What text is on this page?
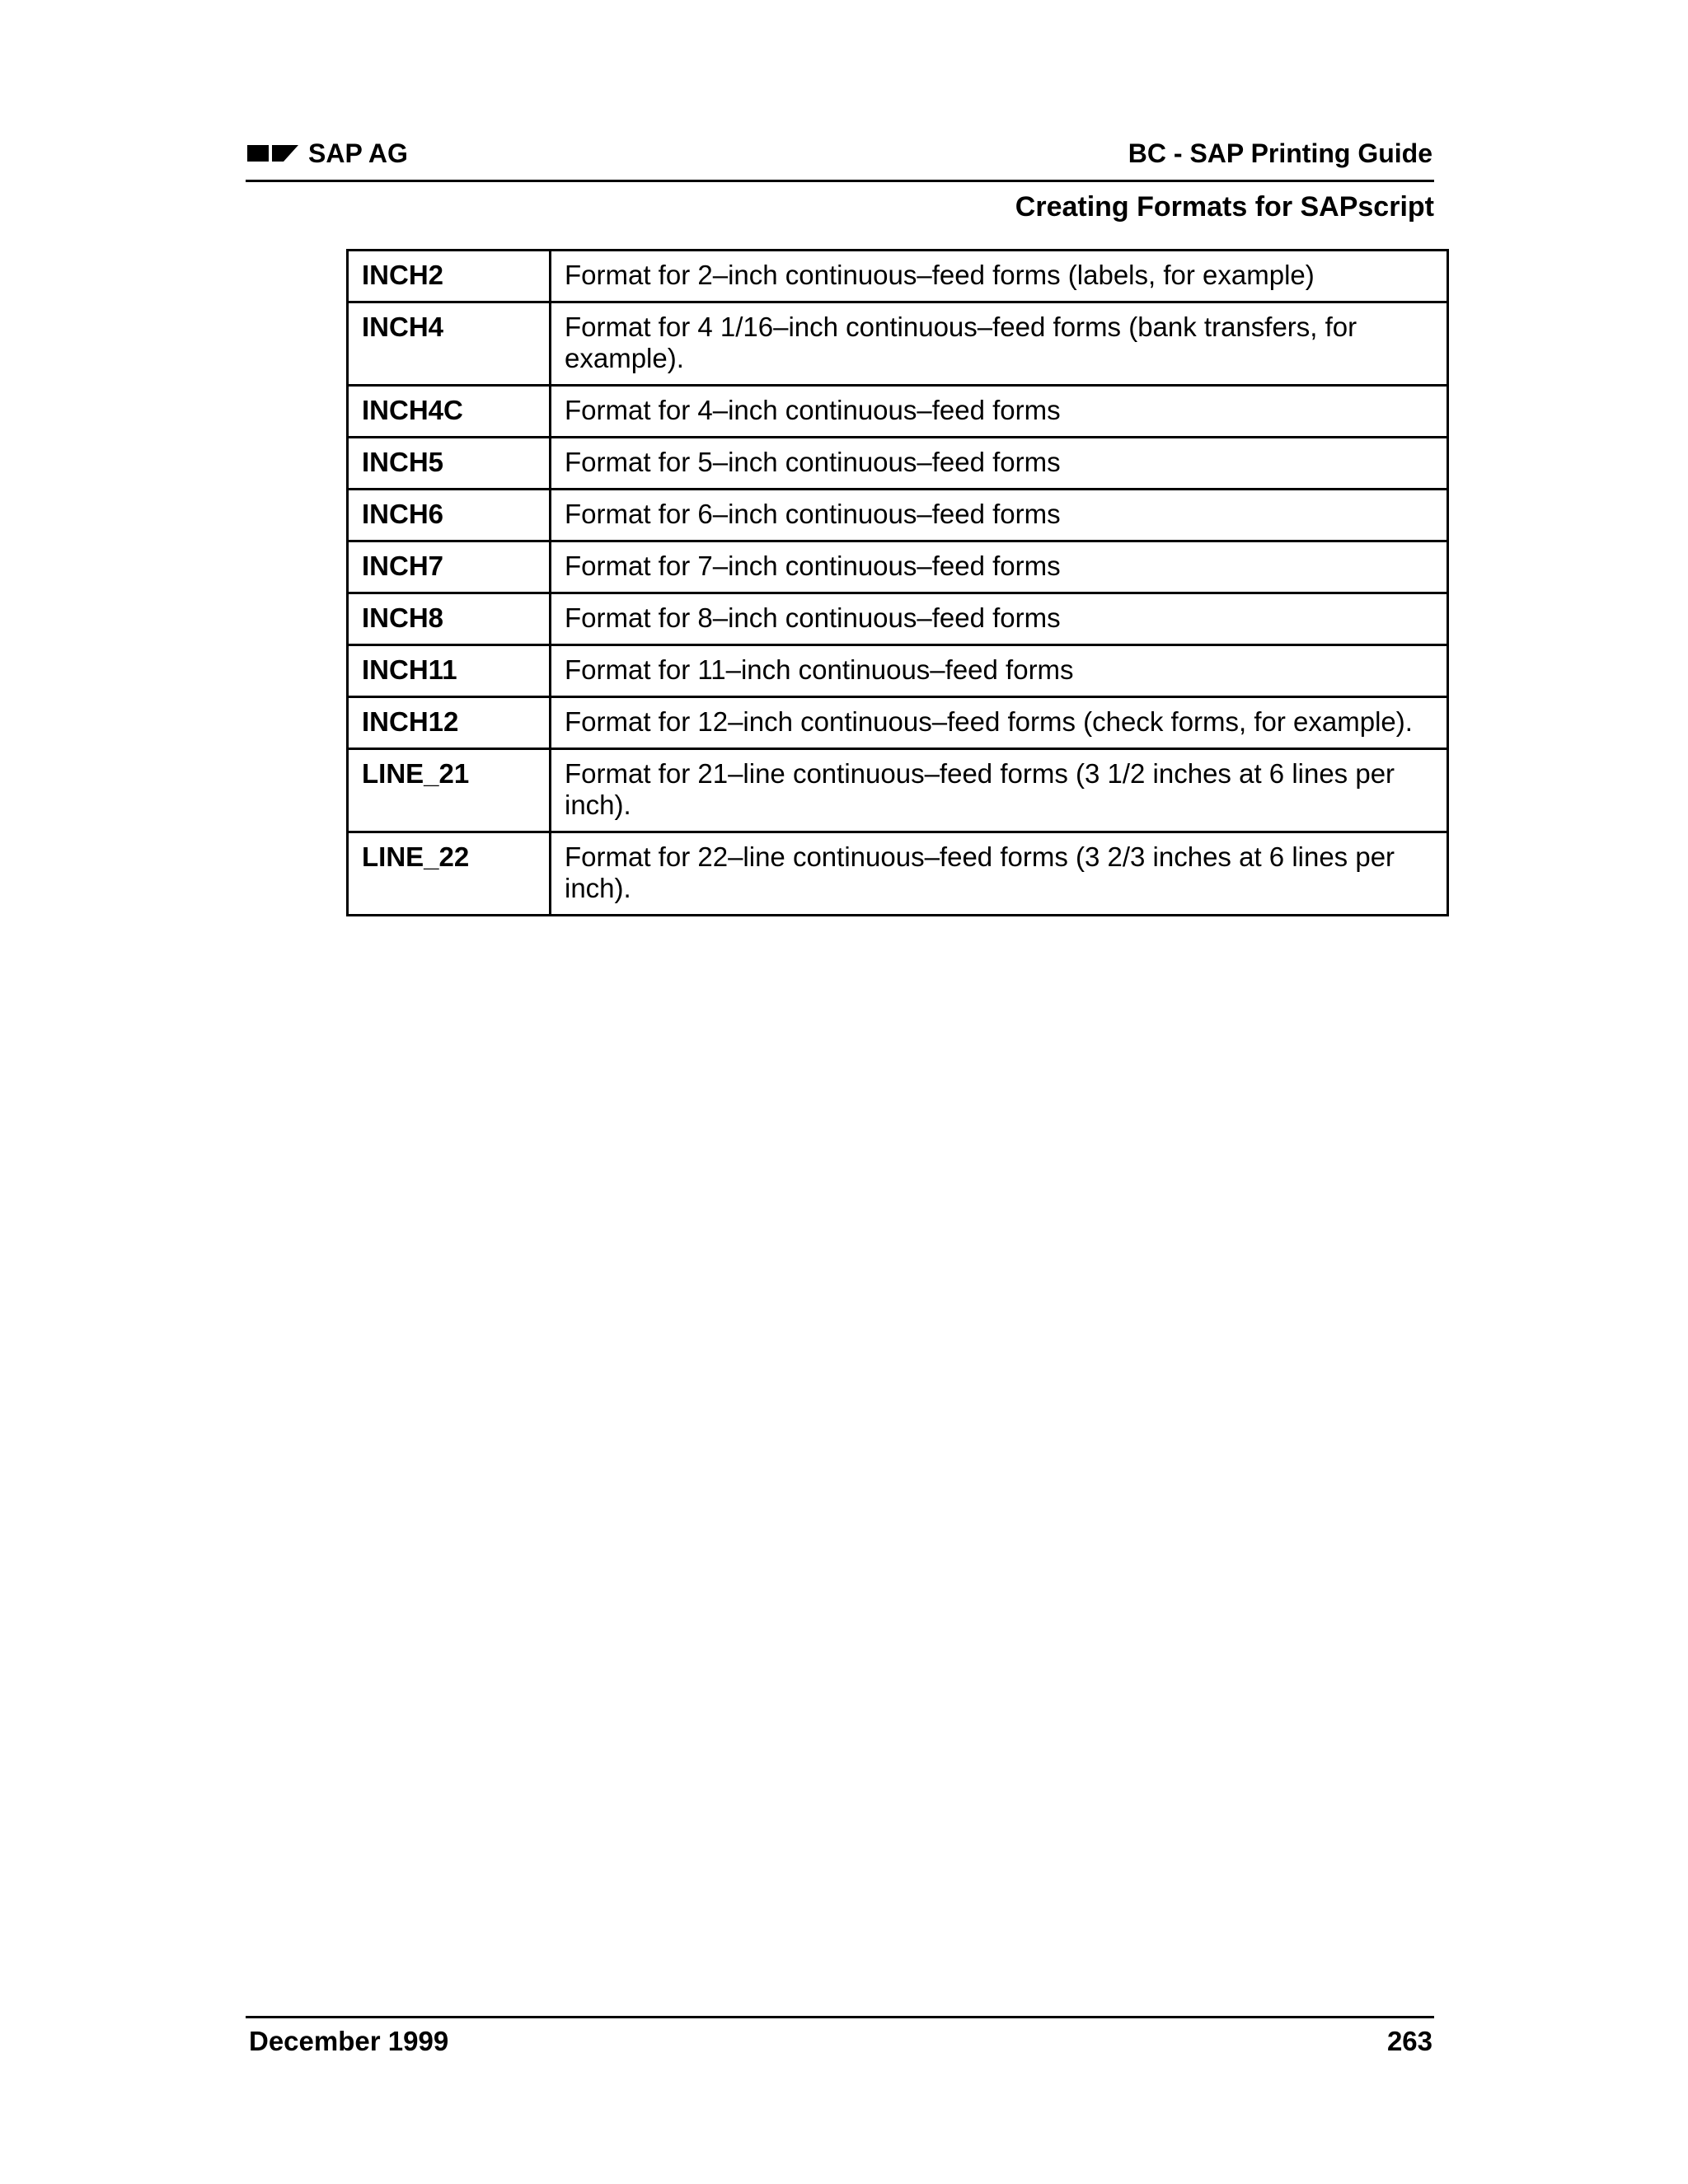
SAP AG	BC - SAP Printing Guide
Creating Formats for SAPscript
INCH2	Format for 2–inch continuous–feed forms (labels, for example)
INCH4	Format for 4 1/16–inch continuous–feed forms (bank transfers, for example).
INCH4C	Format for 4–inch continuous–feed forms
INCH5	Format for 5–inch continuous–feed forms
INCH6	Format for 6–inch continuous–feed forms
INCH7	Format for 7–inch continuous–feed forms
INCH8	Format for 8–inch continuous–feed forms
INCH11	Format for 11–inch continuous–feed forms
INCH12	Format for 12–inch continuous–feed forms (check forms, for example).
LINE_21	Format for 21–line continuous–feed forms (3 1/2 inches at 6 lines per inch).
LINE_22	Format for 22–line continuous–feed forms (3 2/3 inches at 6 lines per inch).
December 1999	263
